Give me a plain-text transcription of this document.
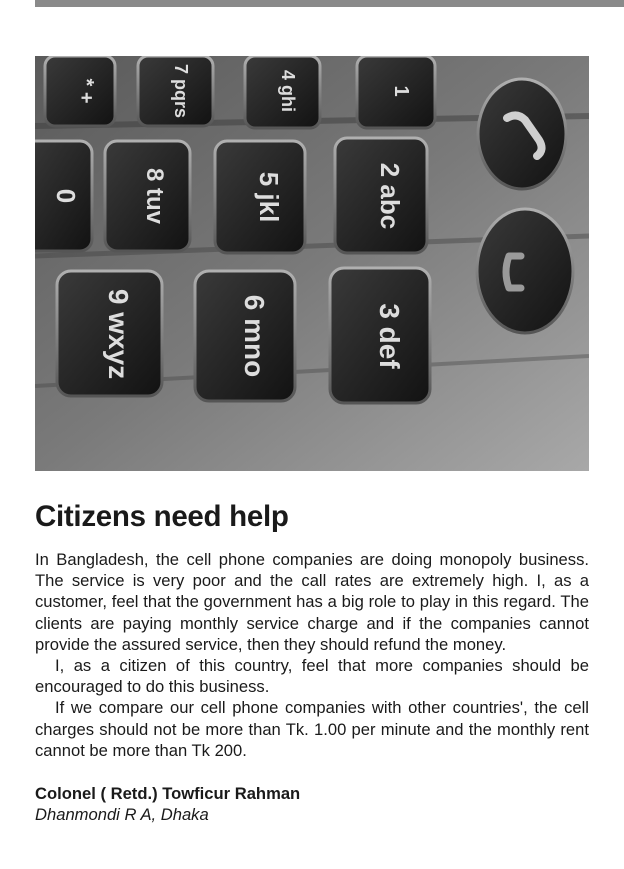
* +	7 pqrs	4 ghi	1
0	8 tuv	5 jkl	2 abc
9 wxyz	6 mno	3 def
Citizens need help

In Bangladesh, the cell phone companies are doing monopoly business. The service is very poor and the call rates are extremely high. I, as a customer, feel that the government has a big role to play in this regard. The clients are paying monthly service charge and if the companies cannot provide the assured service, then they should refund the money.

I, as a citizen of this country, feel that more companies should be encouraged to do this business.

If we compare our cell phone companies with other countries', the cell charges should not be more than Tk. 1.00 per minute and the monthly rent cannot be more than Tk 200.

Colonel ( Retd.) Towficur Rahman
Dhanmondi R A, Dhaka
